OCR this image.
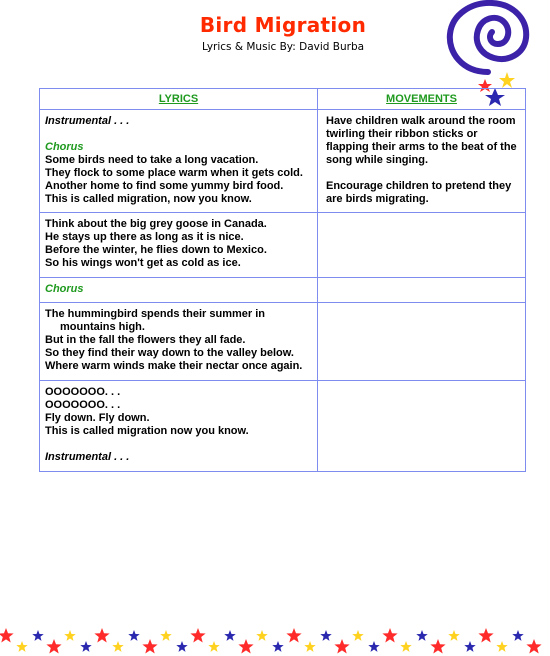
Bird Migration
Lyrics & Music By: David Burba
LYRICS	MOVEMENTS
Instrumental . . .
Chorus
Some birds need to take a long vacation.
They flock to some place warm when it gets cold.
Another home to find some yummy bird food.
This is called migration, now you know.
Have children walk around the room twirling their ribbon sticks or flapping their arms to the beat of the song while singing.
Encourage children to pretend they are birds migrating.
Think about the big grey goose in Canada.
He stays up there as long as it is nice.
Before the winter, he flies down to Mexico.
So his wings won't get as cold as ice.
Chorus
The hummingbird spends their summer in
mountains high.
But in the fall the flowers they all fade.
So they find their way down to the valley below.
Where warm winds make their nectar once again.
OOOOOOO. . .
OOOOOOO. . .
Fly down. Fly down.
This is called migration now you know.
Instrumental . . .
